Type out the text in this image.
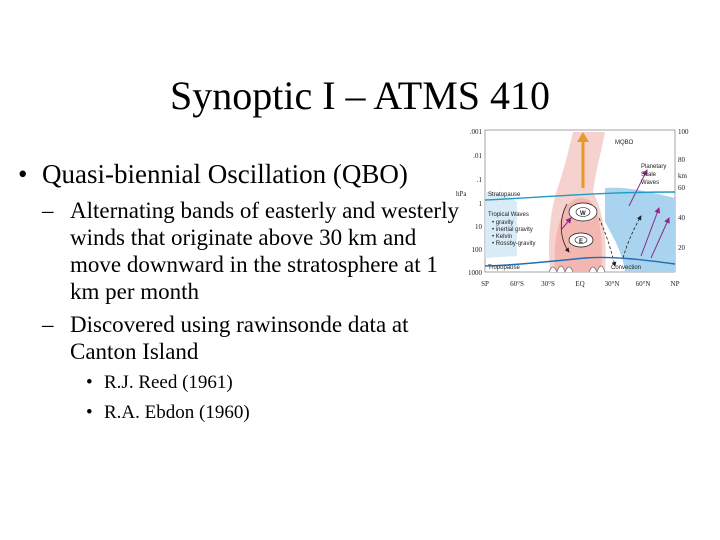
Synoptic I – ATMS 410
• Quasi-biennial Oscillation (QBO)
– Alternating bands of easterly and westerly winds that originate above 30 km and move downward in the stratosphere at 1 km per month
– Discovered using rawinsonde data at Canton Island
• R.J. Reed (1961)
• R.A. Ebdon (1960)
MQBO
Planetary
Scale
Waves
Stratopause
Tropical Waves
• gravity
• inertial gravity
• Kelvin
• Rossby-gravity
Tropopause	Convection
W
E
hPa
.001
.01
.1
1
10
100
1000
100
80
60
40
20
km
SP	60°S 30°S	EQ	30°N 60°N	NP
